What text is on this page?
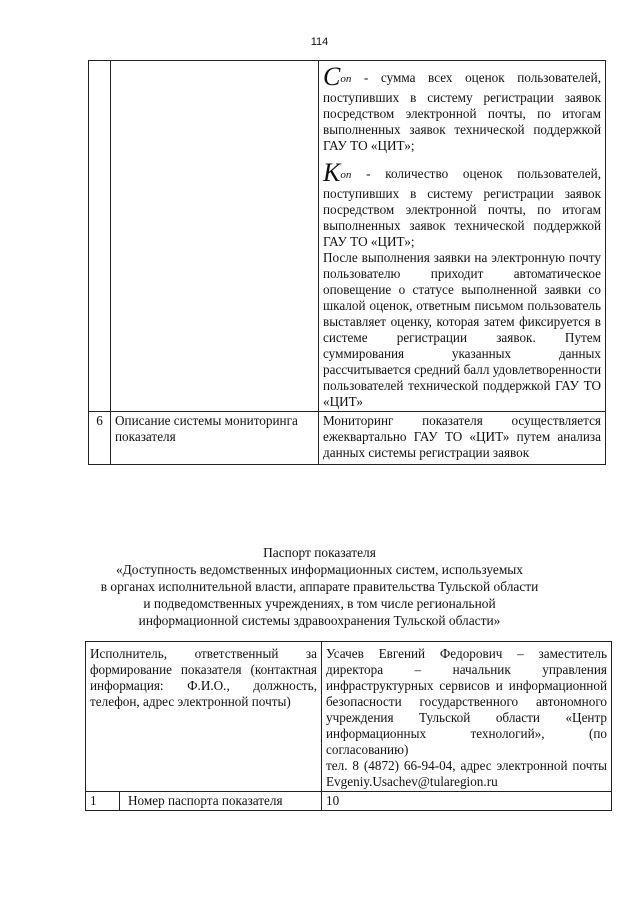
114

		Con - сумма всех оценок пользователей, поступивших в систему регистрации заявок посредством электронной почты, по итогам выполненных заявок технической поддержкой ГАУ ТО «ЦИТ»;

Kon - количество оценок пользователей, поступивших в систему регистрации заявок посредством электронной почты, по итогам выполненных заявок технической поддержкой ГАУ ТО «ЦИТ»;

После выполнения заявки на электронную почту пользователю приходит автоматическое оповещение о статусе выполненной заявки со шкалой оценок, ответным письмом пользователь выставляет оценку, которая затем фиксируется в системе регистрации заявок. Путем суммирования указанных данных рассчитывается средний балл удовлетворенности пользователей технической поддержкой ГАУ ТО «ЦИТ»

6	Описание системы мониторинга показателя	Мониторинг показателя осуществляется ежеквартально ГАУ ТО «ЦИТ» путем анализа данных системы регистрации заявок
Паспорт показателя
«Доступность ведомственных информационных систем, используемых
в органах исполнительной власти, аппарате правительства Тульской области
и подведомственных учреждениях, в том числе региональной
информационной системы здравоохранения Тульской области»
Исполнитель, ответственный за формирование показателя (контактная информация: Ф.И.О., должность, телефон, адрес электронной почты)		Усачев Евгений Федорович – заместитель директора – начальник управления инфраструктурных сервисов и информационной безопасности государственного автономного учреждения Тульской области «Центр информационных технологий», (по согласованию)

тел. 8 (4872) 66-94-04, адрес электронной почты Evgeniy.Usachev@tularegion.ru

1	Номер паспорта показателя	10
